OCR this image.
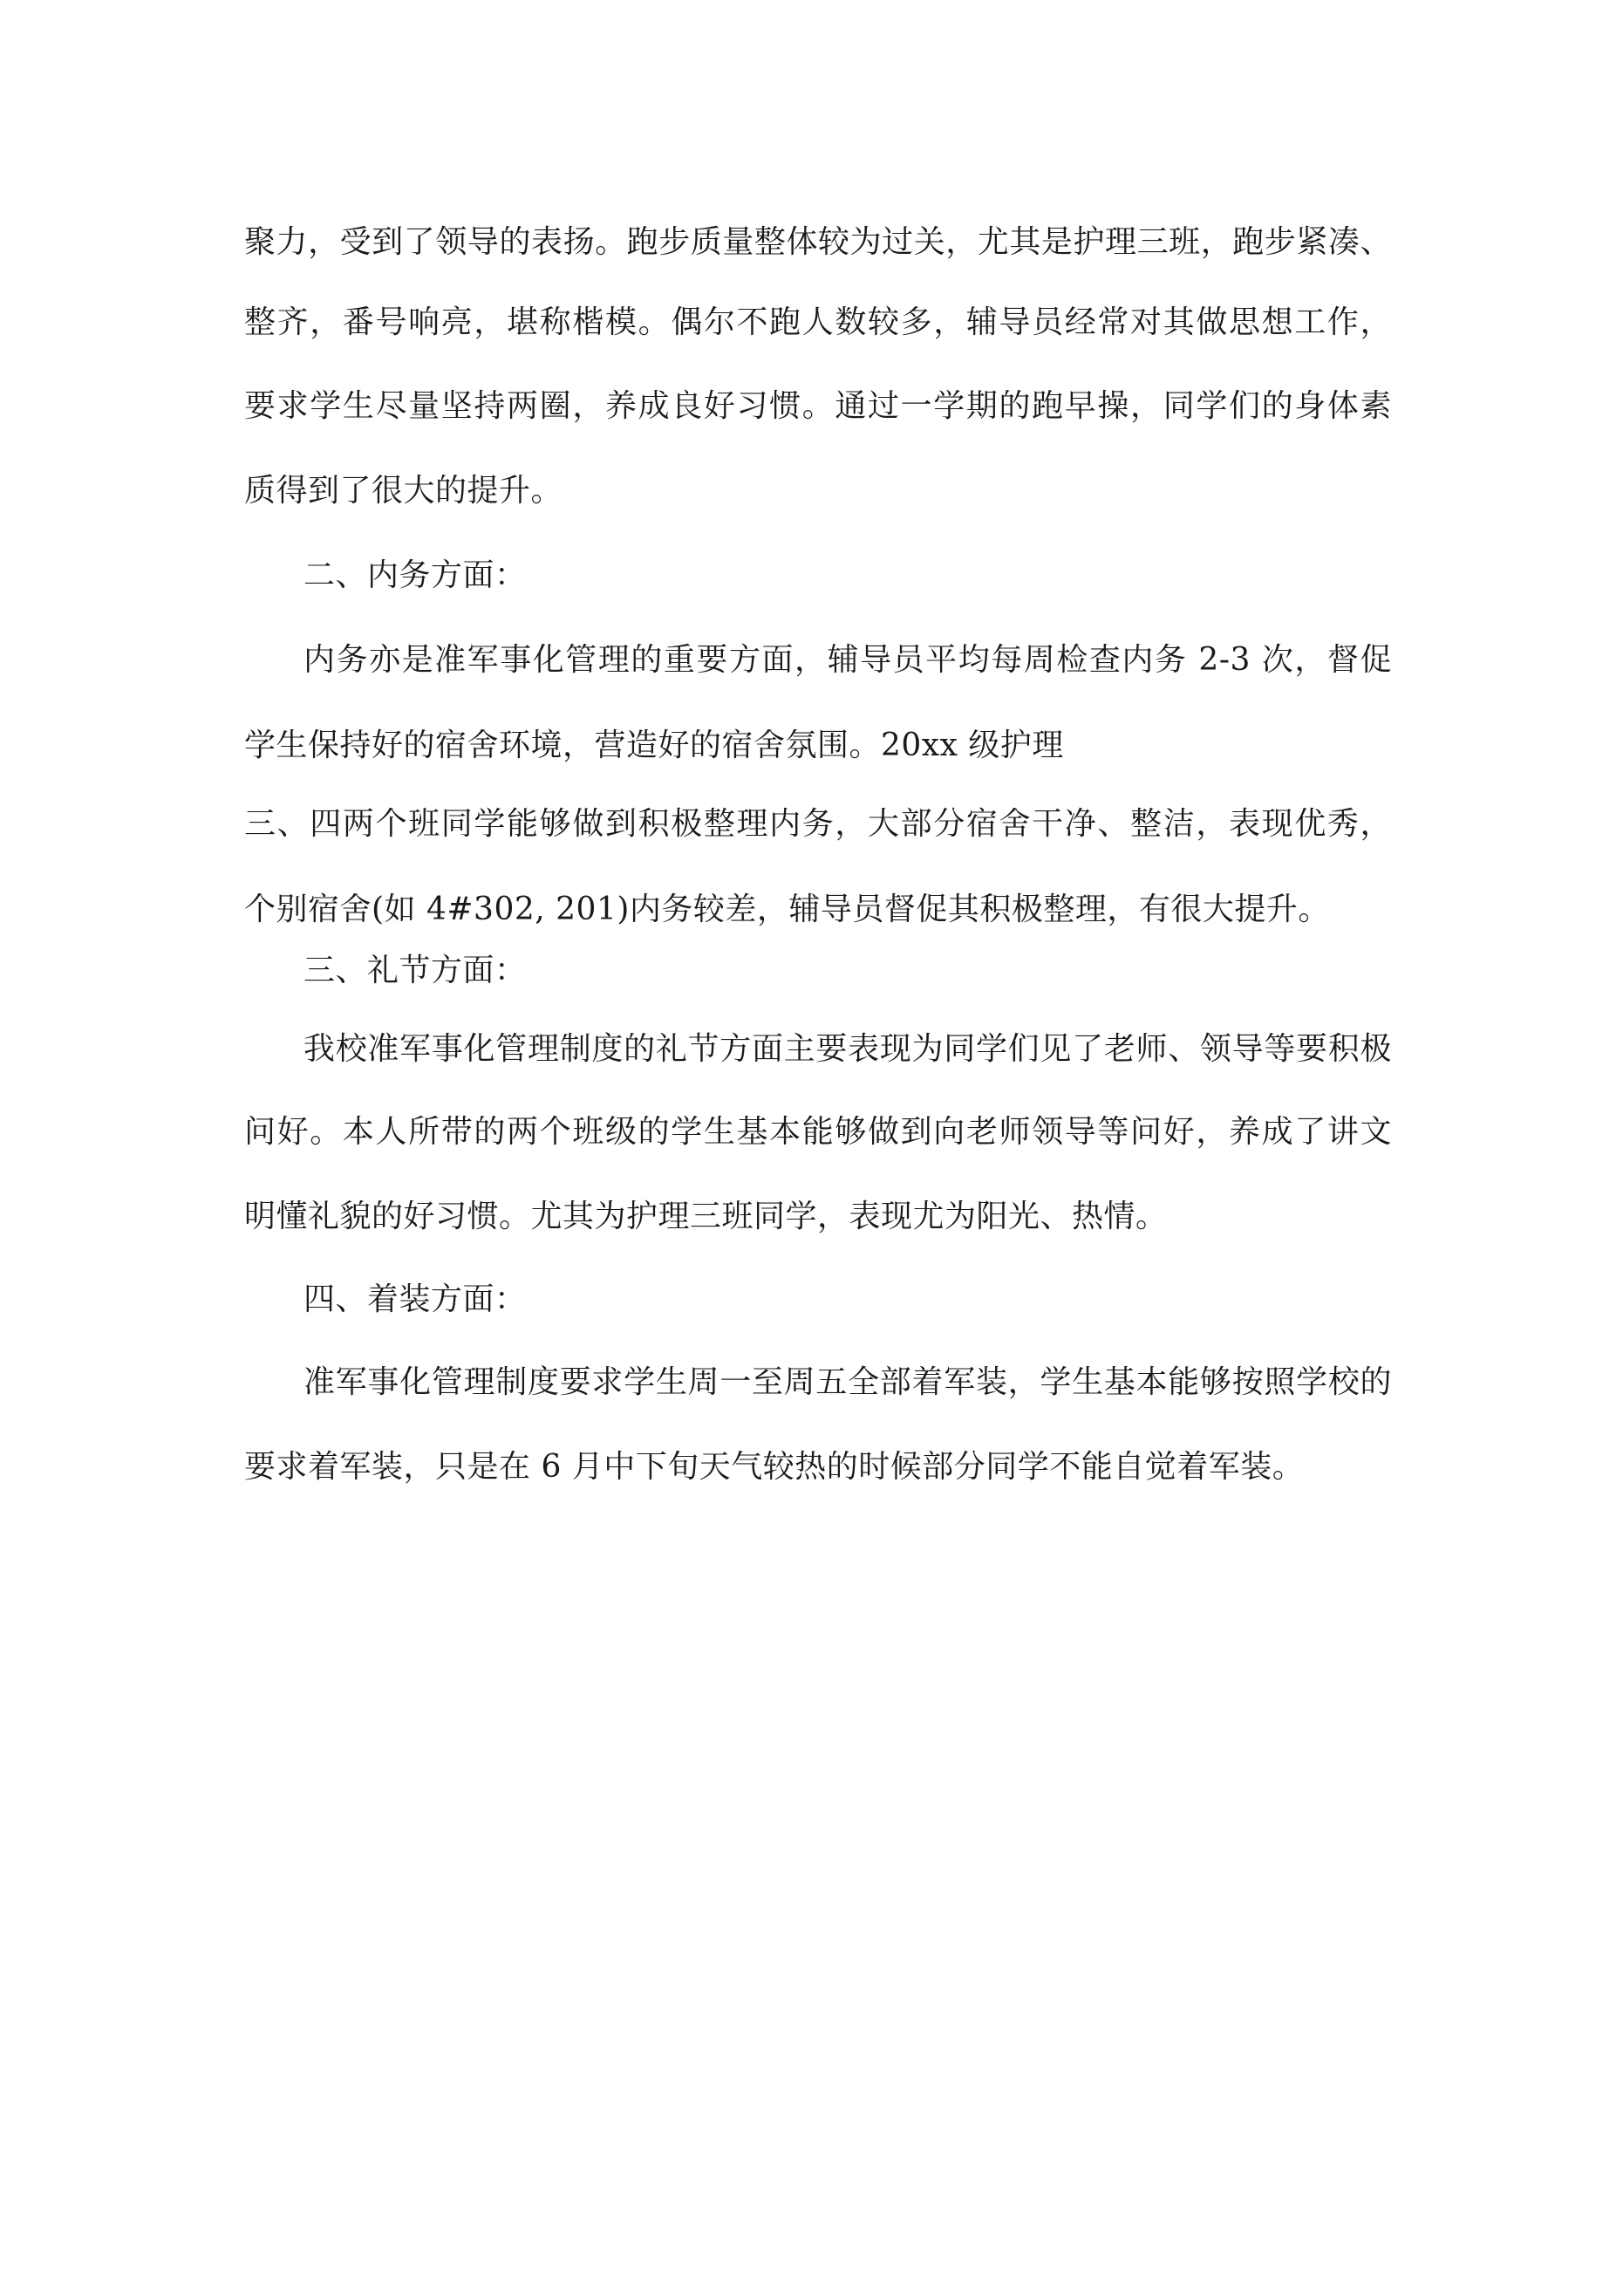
聚力，受到了领导的表扬。跑步质量整体较为过关，尤其是护理三班，跑步紧凑、
整齐，番号响亮，堪称楷模。偶尔不跑人数较多，辅导员经常对其做思想工作，
要求学生尽量坚持两圈，养成良好习惯。通过一学期的跑早操，同学们的身体素
质得到了很大的提升。
二、内务方面：
内务亦是准军事化管理的重要方面，辅导员平均每周检查内务 2-3 次，督促
学生保持好的宿舍环境，营造好的宿舍氛围。20xx 级护理
三、四两个班同学能够做到积极整理内务，大部分宿舍干净、整洁，表现优秀，
个别宿舍(如 4#302, 201)内务较差，辅导员督促其积极整理，有很大提升。
三、礼节方面：
我校准军事化管理制度的礼节方面主要表现为同学们见了老师、领导等要积极
问好。本人所带的两个班级的学生基本能够做到向老师领导等问好，养成了讲文
明懂礼貌的好习惯。尤其为护理三班同学，表现尤为阳光、热情。
四、着装方面：
准军事化管理制度要求学生周一至周五全部着军装，学生基本能够按照学校的
要求着军装，只是在 6 月中下旬天气较热的时候部分同学不能自觉着军装。
